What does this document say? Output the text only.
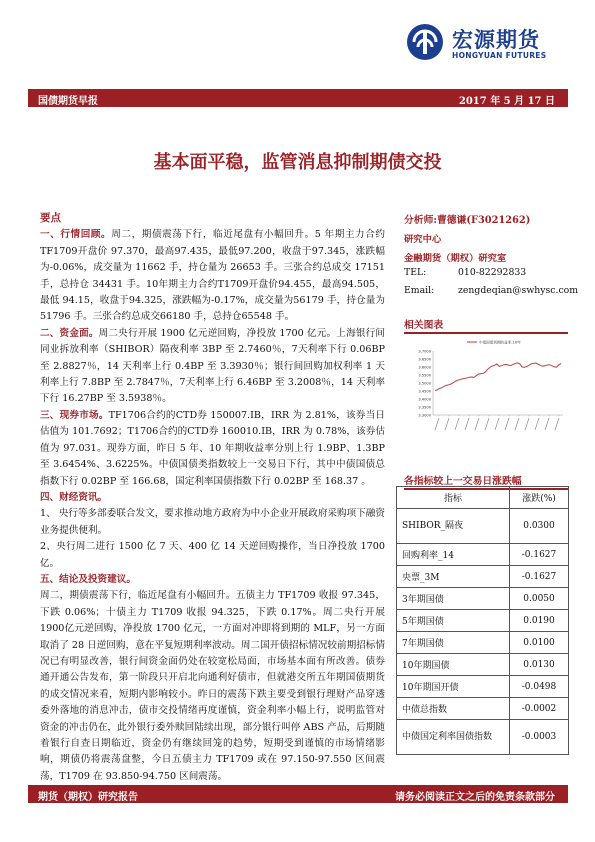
宏源期货
HONGYUAN FUTURES
国债期货早报	2017 年 5 月 17 日
基本面平稳，监管消息抑制期债交投

要点

一、行情回顾。周二，期债震荡下行，临近尾盘有小幅回升。5 年期主力合约TF1709开盘价 97.370，最高97.435，最低97.200，收盘于97.345，涨跌幅为-0.06%，成交量为 11662 手，持仓量为 26653 手。三张合约总成交 17151 手，总持仓 34431 手。10年期主力合约T1709开盘价94.455，最高94.505，最低 94.15，收盘于94.325，涨跌幅为-0.17%，成交量为56179 手，持仓量为 51796 手。三张合约总成交66180 手，总持仓65548 手。

二、资金面。周二央行开展 1900 亿元逆回购，净投放 1700 亿元。上海银行间同业拆放利率（SHIBOR）隔夜利率 3BP 至 2.7460％，7天利率下行 0.06BP 至 2.8827％，14 天利率上行 0.4BP 至 3.3930％；银行间回购加权利率 1 天利率上行 7.8BP 至 2.7847％，7天利率上行 6.46BP 至 3.2008％，14 天利率下行 16.27BP 至 3.5938％。

三、现券市场。TF1706合约的CTD券 150007.IB，IRR 为 2.81%，该券当日估值为 101.7692；T1706合约的CTD券 160010.IB，IRR 为 0.78%，该券估值为 97.031。现券方面，昨日 5 年、10 年期收益率分别上行 1.9BP、1.3BP 至 3.6454%、3.6225%。中债国债类指数较上一交易日下行，其中中债国债总指数下行 0.02BP 至 166.68，国定利率国债指数下行 0.02BP 至 168.37 。

四、财经资讯。

1、 央行等多部委联合发文，要求推动地方政府为中小企业开展政府采购项下融资业务提供便利。

2、央行周二进行 1500 亿 7 天、400 亿 14 天逆回购操作，当日净投放 1700 亿。

五、结论及投资建议。

周二，期债震荡下行，临近尾盘有小幅回升。五债主力 TF1709 收报 97.345，下跌 0.06%；十债主力 T1709 收报 94.325，下跌 0.17%。周二央行开展 1900亿元逆回购，净投放 1700 亿元，一方面对冲即将到期的 MLF，另一方面取消了 28 日逆回购，意在平复短期利率波动。周二国开债招标情况较前期招标情况已有明显改善，银行间资金面仍处在较宽松局面，市场基本面有所改善。债券通开通公告发布，第一阶段只开启北向通利好债市，但就港交所五年期国债期货的成交情况来看，短期内影响较小。昨日的震荡下跌主要受到银行理财产品穿透委外落地的消息冲击，债市交投情绪再度谨慎，资金利率小幅上行，说明监管对资金的冲击仍在，此外银行委外赎回陆续出现，部分银行叫停 ABS 产品，后期随着银行自查日期临近，资金仍有继续回笼的趋势，短期受到谨慎的市场情绪影响，期债仍将震荡盘整，今日五债主力 TF1709 或在 97.150-97.550 区间震荡，T1709 在 93.850-94.750 区间震荡。

分析师:曹德谦(F3021262)
研究中心
金融期货（期权）研究室
TEL:	010-82292833
Email:	zengdeqian@swhysc.com
相关图表
3.7000
3.6500
3.6000
3.5500
3.5000
3.4500
3.4000
3.3500
3.3000
中债国债到期收益率:10年
各指标较上一交易日涨跌幅
指标	涨跌(%)
SHIBOR_隔夜	0.0300
回购利率_14	-0.1627
央票_3M	-0.1627
3年期国债	0.0050
5年期国债	0.0190
7年期国债	0.0100
10年期国债	0.0130
10年期国开债	-0.0498
中债总指数	-0.0002
中债国定利率国债指数	-0.0003
期货（期权）研究报告	请务必阅读正文之后的免责条款部分
